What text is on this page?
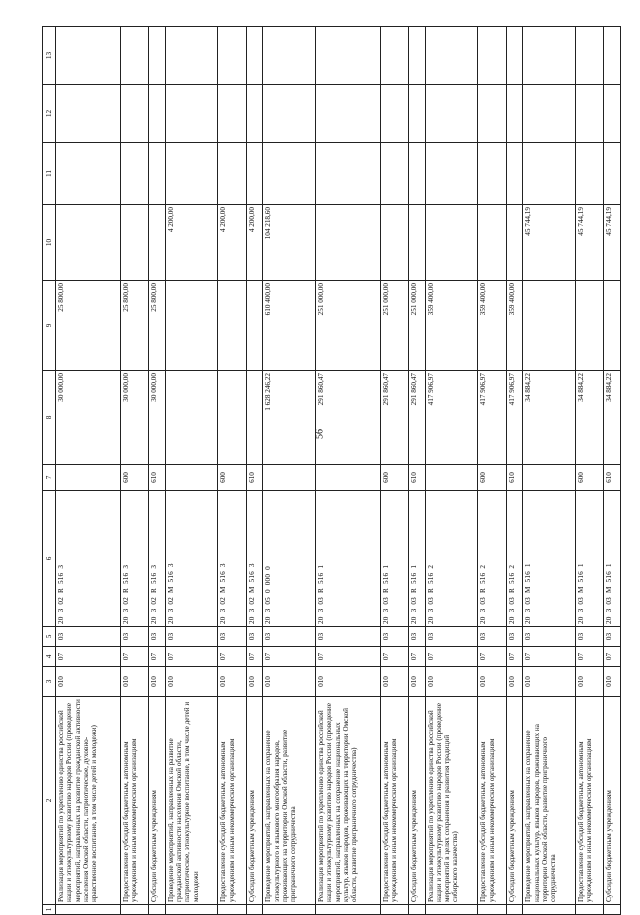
56
1	2	3	4	5	6	7	8	9	10	11	12	13
	Реализация мероприятий по укреплению единства российской нации и этнокультурному развитию народов России (проведение мероприятий, направленных на развитие гражданской активности населения Омской области, патриотическое, духовно-нравственное воспитание, в том числе детей и молодежи)	010	07	03	20  3  02  R  516  3		30 000,00	25 800,00				
	Предоставление субсидий бюджетным, автономным учреждениям и иным некоммерческим организациям	010	07	03	20  3  02  R  516  3	600	30 000,00	25 800,00				
	Субсидии бюджетным учреждениям	010	07	03	20  3  02  R  516  3	610	30 000,00	25 800,00				
	Проведение мероприятий, направленных на развитие гражданской активности населения Омской области, патриотическое, этнокультурное воспитание, в том числе детей и молодежи	010	07	03	20  3  02  M  516  3				4 200,00			
	Предоставление субсидий бюджетным, автономным учреждениям и иным некоммерческим организациям	010	07	03	20  3  02  M  516  3	600			4 200,00			
	Субсидии бюджетным учреждениям	010	07	03	20  3  02  M  516  3	610			4 200,00			
	Проведение мероприятий, направленных на сохранение этнокультурного и языкового многообразия народов, проживающих на территории Омской области, развитие приграничного сотрудничества	010	07	03	20  3  05  0  000  0		1 628 246,22	610 400,00	104 218,60			
	Реализация мероприятий по укреплению единства российской нации и этнокультурному развитию народов России (проведение мероприятий, направленных на сохранение национальных культур, языков народов, проживающих на территории Омской области, развитие приграничного сотрудничества)	010	07	03	20  3  03  R  516  1		291 860,47	251 000,00				
	Предоставление субсидий бюджетным, автономным учреждениям и иным некоммерческим организациям	010	07	03	20  3  03  R  516  1	600	291 860,47	251 000,00				
	Субсидии бюджетным учреждениям	010	07	03	20  3  03  R  516  1	610	291 860,47	251 000,00				
	Реализация мероприятий по укреплению единства российской нации и этнокультурному развитию народов России (проведение мероприятий в целях сохранения и развития традиций сибирского казачества)	010	07	03	20  3  03  R  516  2		417 906,97	359 400,00				
	Предоставление субсидий бюджетным, автономным учреждениям и иным некоммерческим организациям	010	07	03	20  3  03  R  516  2	600	417 906,97	359 400,00				
	Субсидии бюджетным учреждениям	010	07	03	20  3  03  R  516  2	610	417 906,97	359 400,00				
	Проведение мероприятий, направленных на сохранение национальных культур, языков народов, проживающих на территории Омской области, развитие приграничного сотрудничества	010	07	03	20  3  03  M  516  1		34 884,22		45 744,19			
	Предоставление субсидий бюджетным, автономным учреждениям и иным некоммерческим организациям	010	07	03	20  3  03  M  516  1	600	34 884,22		45 744,19			
	Субсидии бюджетным учреждениям	010	07	03	20  3  03  M  516  1	610	34 884,22		45 744,19			
